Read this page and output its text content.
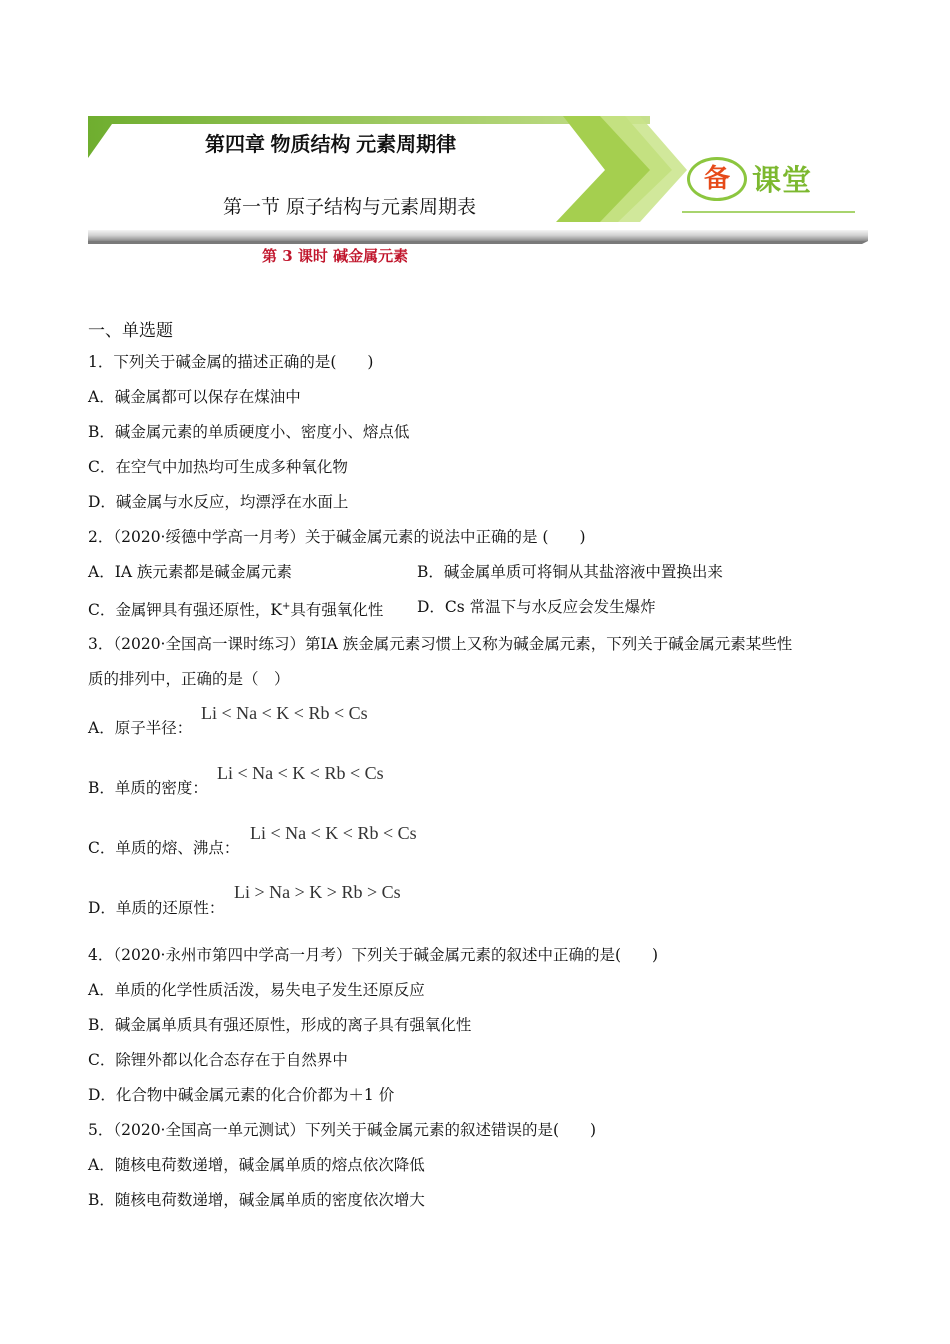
第四章 物质结构 元素周期律
第一节 原子结构与元素周期表
备 课堂
第 3 课时 碱金属元素
一、单选题
1．下列关于碱金属的描述正确的是(　　)
A．碱金属都可以保存在煤油中
B．碱金属元素的单质硬度小、密度小、熔点低
C．在空气中加热均可生成多种氧化物
D．碱金属与水反应，均漂浮在水面上
2．（2020·绥德中学高一月考）关于碱金属元素的说法中正确的是 (　　)
A．ⅠA 族元素都是碱金属元素	B．碱金属单质可将铜从其盐溶液中置换出来
C．金属钾具有强还原性，K+具有强氧化性 D．Cs 常温下与水反应会发生爆炸
3．（2020·全国高一课时练习）第ⅠA 族金属元素习惯上又称为碱金属元素，下列关于碱金属元素某些性
质的排列中，正确的是（　）
A．原子半径：
Li < Na < K < Rb < Cs
B．单质的密度：
Li < Na < K < Rb < Cs
C．单质的熔、沸点：
Li < Na < K < Rb < Cs
D．单质的还原性：
Li > Na > K > Rb > Cs
4．（2020·永州市第四中学高一月考）下列关于碱金属元素的叙述中正确的是(　　)
A．单质的化学性质活泼，易失电子发生还原反应
B．碱金属单质具有强还原性，形成的离子具有强氧化性
C．除锂外都以化合态存在于自然界中
D．化合物中碱金属元素的化合价都为＋1 价
5．（2020·全国高一单元测试）下列关于碱金属元素的叙述错误的是(　　)
A．随核电荷数递增，碱金属单质的熔点依次降低
B．随核电荷数递增，碱金属单质的密度依次增大
